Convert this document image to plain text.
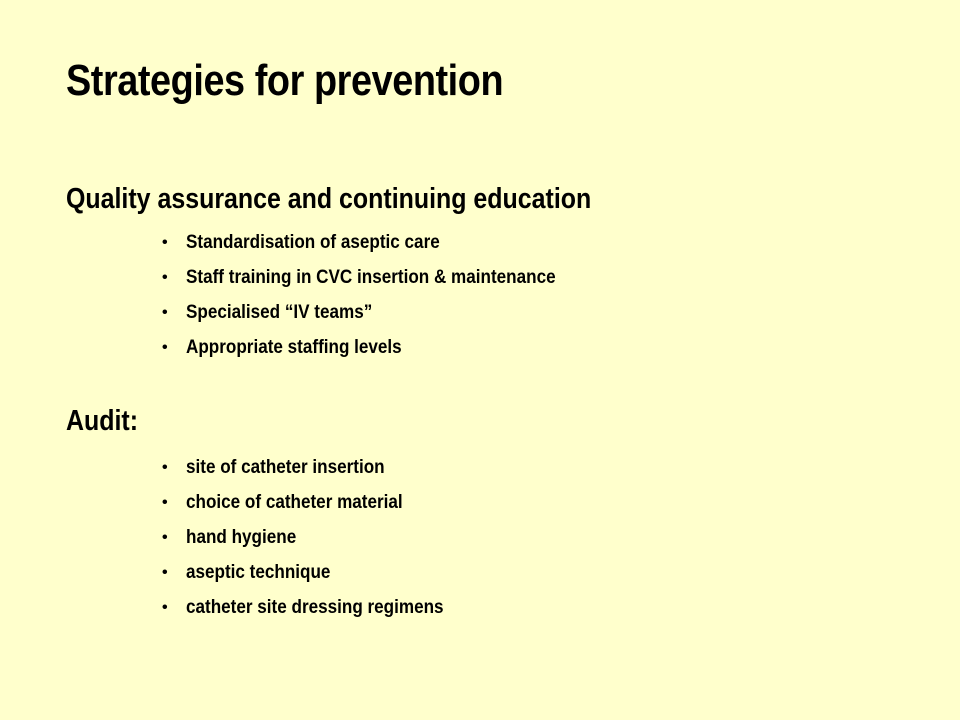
Strategies for prevention
Quality assurance and continuing education
• Standardisation of aseptic care
• Staff training in CVC insertion & maintenance
• Specialised “IV teams”
• Appropriate staffing levels
Audit:
• site of catheter insertion
• choice of catheter material
• hand hygiene
• aseptic technique
• catheter site dressing regimens
